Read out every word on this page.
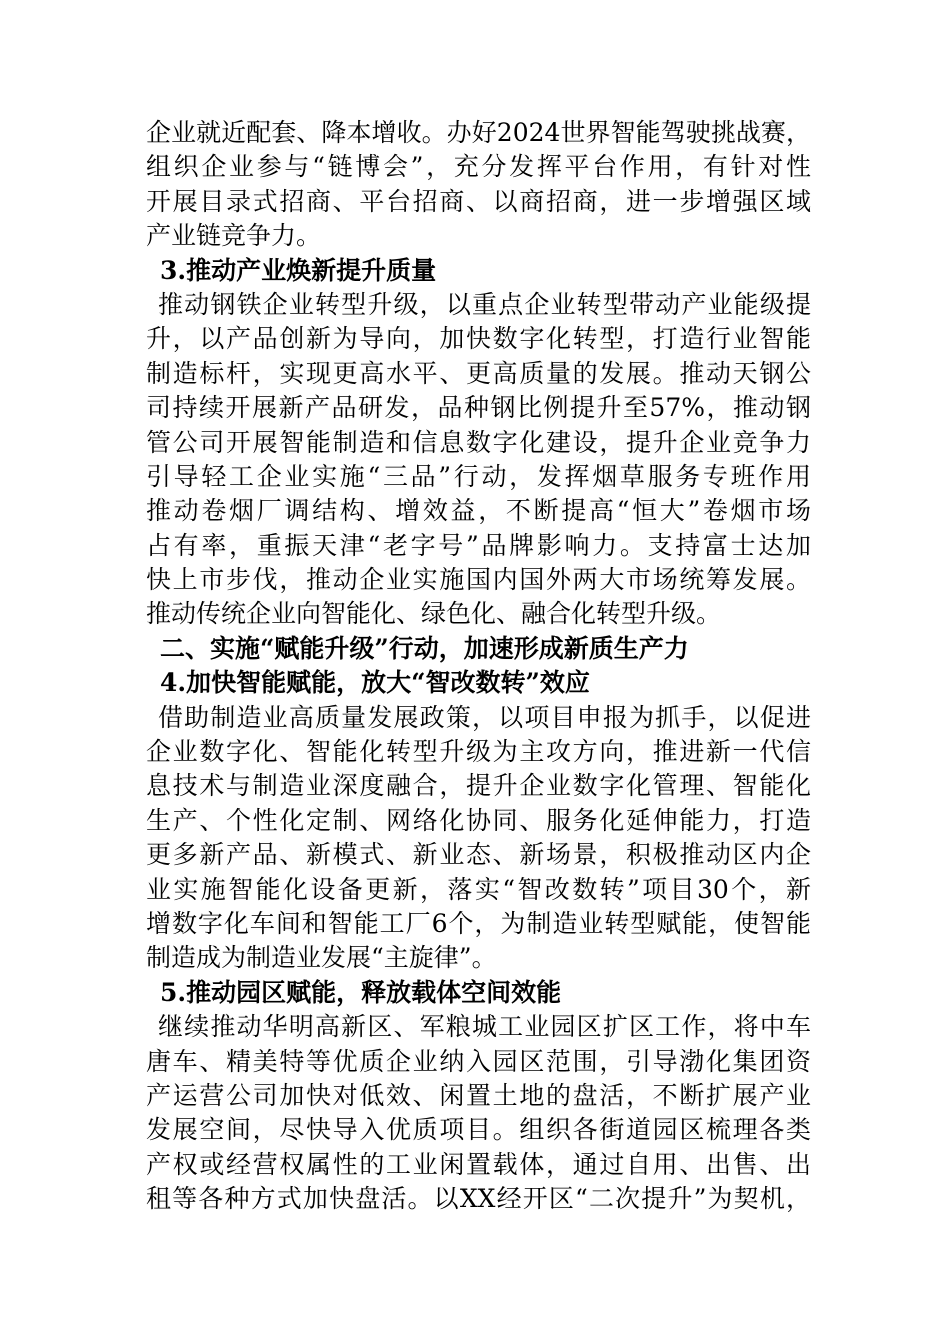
企业就近配套、降本增收。办好2024世界智能驾驶挑战赛，
组织企业参与“链博会”，充分发挥平台作用，有针对性
开展目录式招商、平台招商、以商招商，进一步增强区域
产业链竞争力。
3.推动产业焕新提升质量
推动钢铁企业转型升级，以重点企业转型带动产业能级提
升，以产品创新为导向，加快数字化转型，打造行业智能
制造标杆，实现更高水平、更高质量的发展。推动天钢公
司持续开展新产品研发，品种钢比例提升至57%，推动钢
管公司开展智能制造和信息数字化建设，提升企业竞争力
引导轻工企业实施“三品”行动，发挥烟草服务专班作用
推动卷烟厂调结构、增效益，不断提高“恒大”卷烟市场
占有率，重振天津“老字号”品牌影响力。支持富士达加
快上市步伐，推动企业实施国内国外两大市场统筹发展。
推动传统企业向智能化、绿色化、融合化转型升级。
二、实施“赋能升级”行动，加速形成新质生产力
4.加快智能赋能，放大“智改数转”效应
借助制造业高质量发展政策，以项目申报为抓手，以促进
企业数字化、智能化转型升级为主攻方向，推进新一代信
息技术与制造业深度融合，提升企业数字化管理、智能化
生产、个性化定制、网络化协同、服务化延伸能力，打造
更多新产品、新模式、新业态、新场景，积极推动区内企
业实施智能化设备更新，落实“智改数转”项目30个，新
增数字化车间和智能工厂6个，为制造业转型赋能，使智能
制造成为制造业发展“主旋律”。
5.推动园区赋能，释放载体空间效能
继续推动华明高新区、军粮城工业园区扩区工作，将中车
唐车、精美特等优质企业纳入园区范围，引导渤化集团资
产运营公司加快对低效、闲置土地的盘活，不断扩展产业
发展空间，尽快导入优质项目。组织各街道园区梳理各类
产权或经营权属性的工业闲置载体，通过自用、出售、出
租等各种方式加快盘活。以XX经开区“二次提升”为契机，
